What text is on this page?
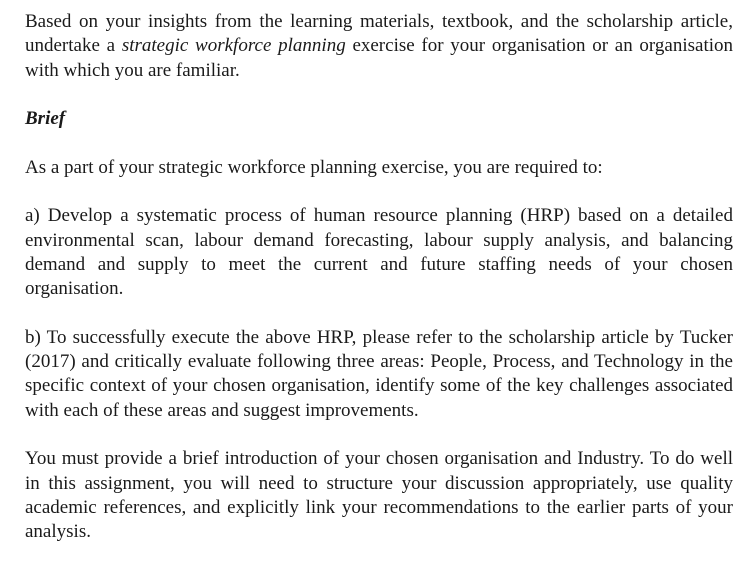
Based on your insights from the learning materials, textbook, and the scholarship article, undertake a strategic workforce planning exercise for your organisation or an organisation with which you are familiar.

Brief

As a part of your strategic workforce planning exercise, you are required to:

a) Develop a systematic process of human resource planning (HRP) based on a detailed environmental scan, labour demand forecasting, labour supply analysis, and balancing demand and supply to meet the current and future staffing needs of your chosen organisation.

b) To successfully execute the above HRP, please refer to the scholarship article by Tucker (2017) and critically evaluate following three areas: People, Process, and Technology in the specific context of your chosen organisation, identify some of the key challenges associated with each of these areas and suggest improvements.

You must provide a brief introduction of your chosen organisation and Industry. To do well in this assignment, you will need to structure your discussion appropriately, use quality academic references, and explicitly link your recommendations to the earlier parts of your analysis.
